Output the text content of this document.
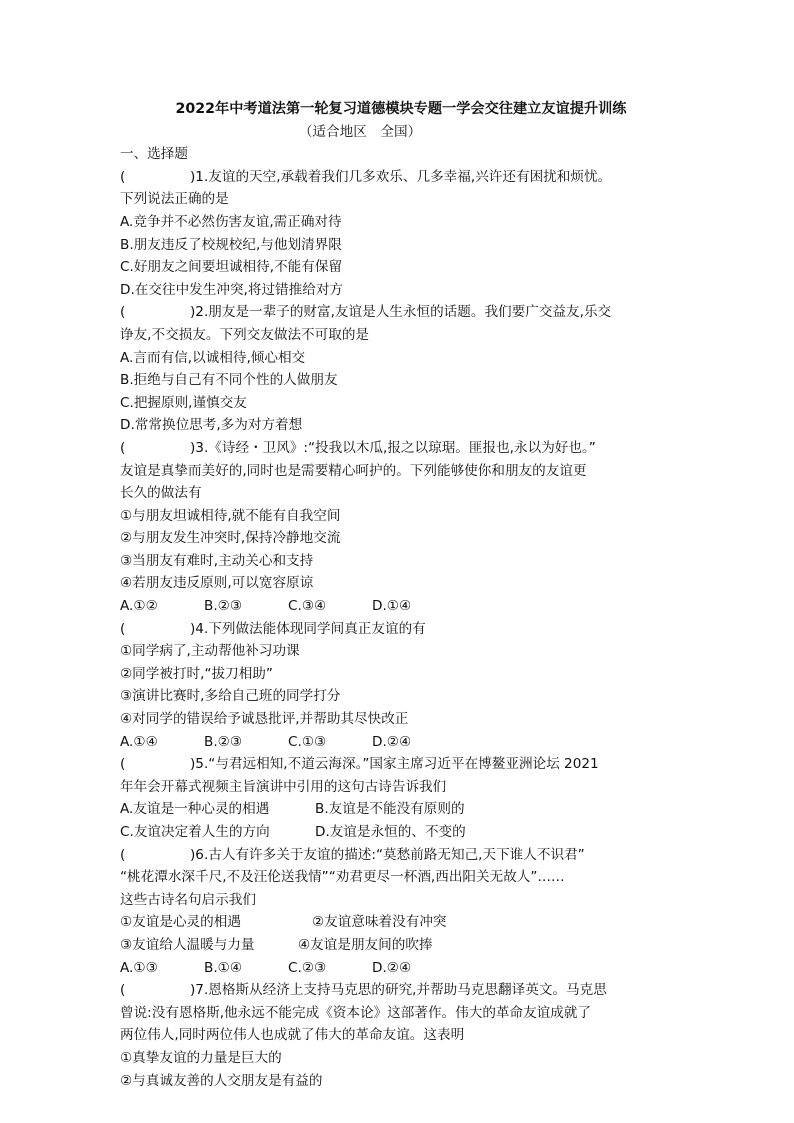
2022年中考道法第一轮复习道德模块专题一学会交往建立友谊提升训练
（适合地区　全国）
一、选择题
(	)1.友谊的天空,承载着我们几多欢乐、几多幸福,兴许还有困扰和烦忧。
下列说法正确的是
A.竞争并不必然伤害友谊,需正确对待
B.朋友违反了校规校纪,与他划清界限
C.好朋友之间要坦诚相待,不能有保留
D.在交往中发生冲突,将过错推给对方
(	)2.朋友是一辈子的财富,友谊是人生永恒的话题。我们要广交益友,乐交
诤友,不交损友。下列交友做法不可取的是
A.言而有信,以诚相待,倾心相交
B.拒绝与自己有不同个性的人做朋友
C.把握原则,谨慎交友
D.常常换位思考,多为对方着想
(	)3.《诗经・卫风》:“投我以木瓜,报之以琼琚。匪报也,永以为好也。”
友谊是真挚而美好的,同时也是需要精心呵护的。下列能够使你和朋友的友谊更
长久的做法有
①与朋友坦诚相待,就不能有自我空间
②与朋友发生冲突时,保持冷静地交流
③当朋友有难时,主动关心和支持
④若朋友违反原则,可以宽容原谅
A.①②	B.②③	C.③④	D.①④
(	)4.下列做法能体现同学间真正友谊的有
①同学病了,主动帮他补习功课
②同学被打时,“拔刀相助”
③演讲比赛时,多给自己班的同学打分
④对同学的错误给予诚恳批评,并帮助其尽快改正
A.①④	B.②③	C.①③	D.②④
(	)5.“与君远相知,不道云海深。”国家主席习近平在博鳌亚洲论坛 2021
年年会开幕式视频主旨演讲中引用的这句古诗告诉我们
A.友谊是一种心灵的相遇	B.友谊是不能没有原则的
C.友谊决定着人生的方向	D.友谊是永恒的、不变的
(	)6.古人有许多关于友谊的描述:“莫愁前路无知己,天下谁人不识君”
“桃花潭水深千尺,不及汪伦送我情”“劝君更尽一杯酒,西出阳关无故人”……
这些古诗名句启示我们
①友谊是心灵的相遇	②友谊意味着没有冲突
③友谊给人温暖与力量	④友谊是朋友间的吹捧
A.①③	B.①④	C.②③	D.②④
(	)7.恩格斯从经济上支持马克思的研究,并帮助马克思翻译英文。马克思
曾说:没有恩格斯,他永远不能完成《资本论》这部著作。伟大的革命友谊成就了
两位伟人,同时两位伟人也成就了伟大的革命友谊。这表明
①真挚友谊的力量是巨大的
②与真诚友善的人交朋友是有益的
